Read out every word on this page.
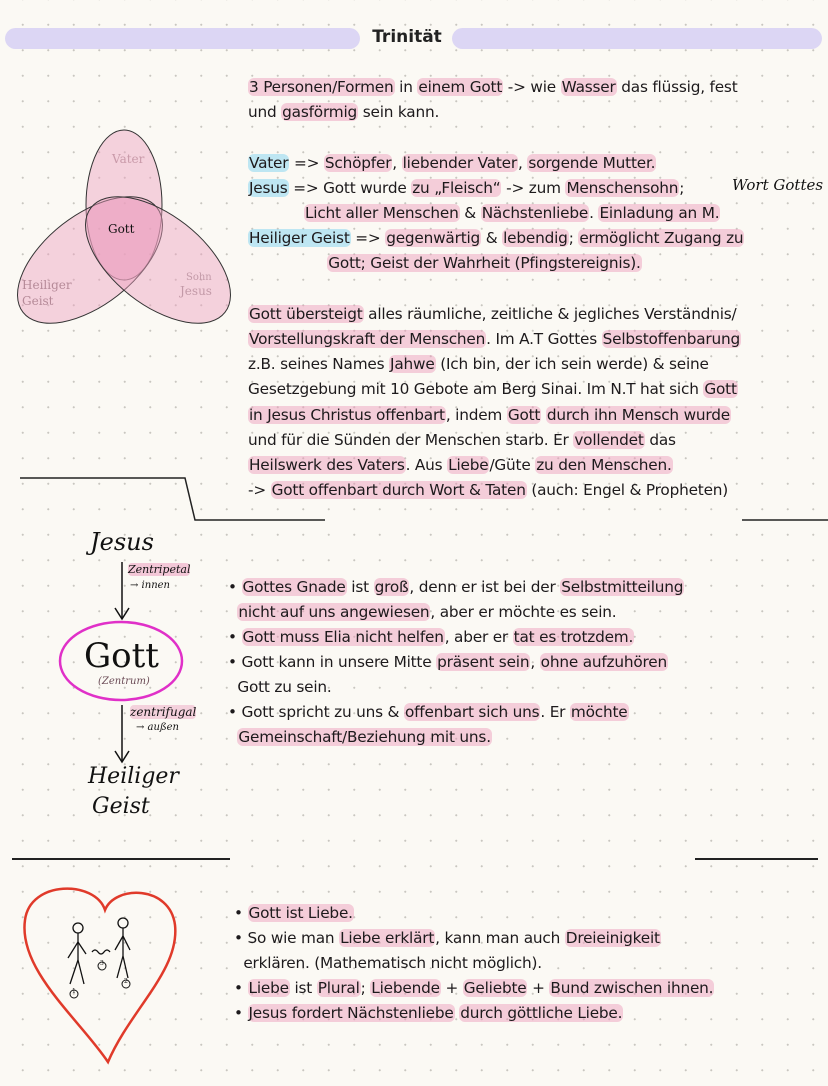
Trinität
Vater
Gott
Heiliger
Geist
Sohn
Jesus
3 Personen/Formen in einem Gott -> wie Wasser das flüssig, fest
und gasförmig sein kann.
Vater => Schöpfer, liebender Vater, sorgende Mutter.
Jesus => Gott wurde zu „Fleisch“ -> zum Menschensohn;
Licht aller Menschen & Nächstenliebe. Einladung an M.
Heiliger Geist => gegenwärtig & lebendig; ermöglicht Zugang zu
Gott; Geist der Wahrheit (Pfingstereignis).
Gott übersteigt alles räumliche, zeitliche & jegliches Verständnis/
Vorstellungskraft der Menschen. Im A.T Gottes Selbstoffenbarung
z.B. seines Names Jahwe (Ich bin, der ich sein werde) & seine
Gesetzgebung mit 10 Gebote am Berg Sinai. Im N.T hat sich Gott
in Jesus Christus offenbart, indem Gott durch ihn Mensch wurde
und für die Sünden der Menschen starb. Er vollendet das
Heilswerk des Vaters. Aus Liebe/Güte zu den Menschen.
-> Gott offenbart durch Wort & Taten (auch: Engel & Propheten)
Wort Gottes
Jesus
Zentripetal
→ innen
Gott
(Zentrum)
zentrifugal
→ außen
Heiliger
Geist
• Gottes Gnade ist groß, denn er ist bei der Selbstmitteilung
nicht auf uns angewiesen, aber er möchte es sein.
• Gott muss Elia nicht helfen, aber er tat es trotzdem.
• Gott kann in unsere Mitte präsent sein, ohne aufzuhören
Gott zu sein.
• Gott spricht zu uns & offenbart sich uns. Er möchte
Gemeinschaft/Beziehung mit uns.
1
2
3
• Gott ist Liebe.
• So wie man Liebe erklärt, kann man auch Dreieinigkeit
erklären. (Mathematisch nicht möglich).
• Liebe ist Plural; Liebende + Geliebte + Bund zwischen ihnen.
• Jesus fordert Nächstenliebe durch göttliche Liebe.
